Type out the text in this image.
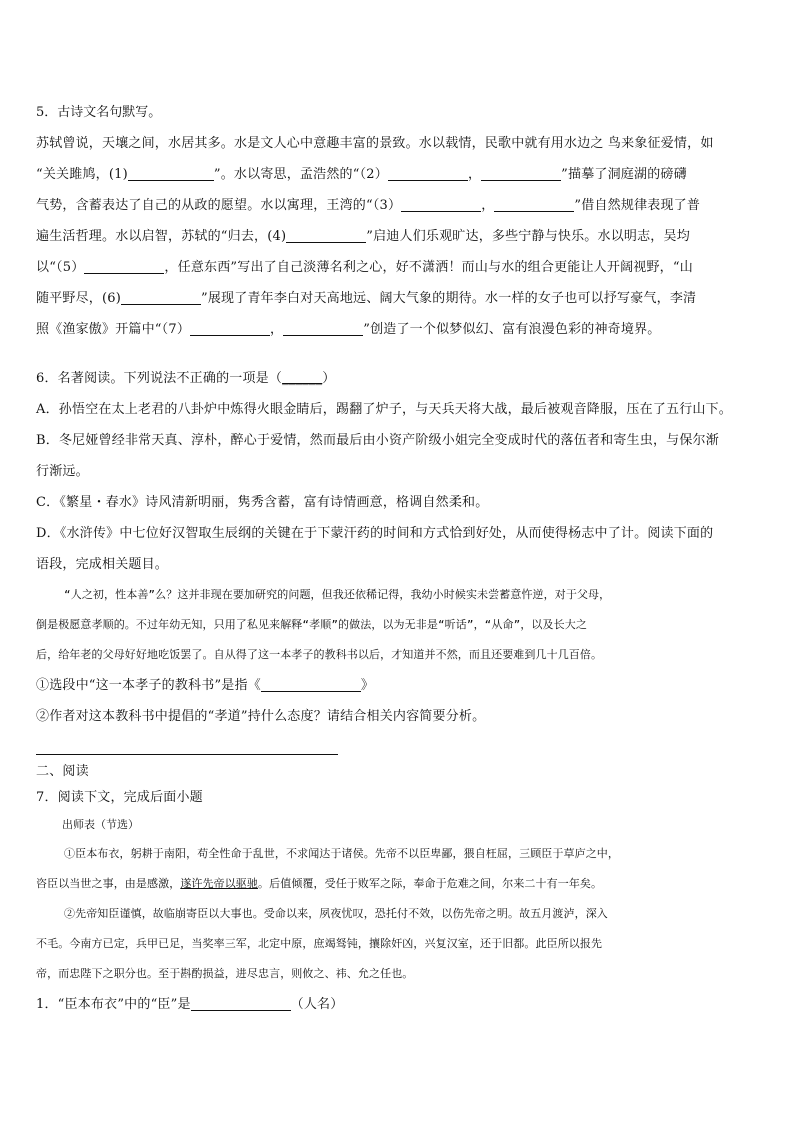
5．古诗文名句默写。
苏轼曾说，天壤之间，水居其多。水是文人心中意趣丰富的景致。水以载情，民歌中就有用水边之 鸟来象征爱情，如
“关关雎鸠，(1)	”。水以寄思，孟浩然的“（2）	，	”描摹了洞庭湖的磅礴
气势，含蓄表达了自己的从政的愿望。水以寓理，王湾的“（3）	，	”借自然规律表现了普
遍生活哲理。水以启智，苏轼的“归去，(4)	”启迪人们乐观旷达，多些宁静与快乐。水以明志，吴均
以“（5）	，任意东西”写出了自己淡薄名利之心，好不潇洒！而山与水的组合更能让人开阔视野，“山
随平野尽，(6)	”展现了青年李白对天高地远、阔大气象的期待。水一样的女子也可以抒写豪气，李清
照《渔家傲》开篇中“（7）	，	”创造了一个似梦似幻、富有浪漫色彩的神奇境界。
6．名著阅读。下列说法不正确的一项是（______）
A．孙悟空在太上老君的八卦炉中炼得火眼金睛后，踢翻了炉子，与天兵天将大战，最后被观音降服，压在了五行山下。
B．冬尼娅曾经非常天真、淳朴，醉心于爱情，然而最后由小资产阶级小姐完全变成时代的落伍者和寄生虫，与保尔渐
行渐远。
C．《繁星・春水》诗风清新明丽，隽秀含蓄，富有诗情画意，格调自然柔和。
D．《水浒传》中七位好汉智取生辰纲的关键在于下蒙汗药的时间和方式恰到好处，从而使得杨志中了计。阅读下面的
语段，完成相关题目。
“人之初，性本善”么？这并非现在要加研究的问题，但我还依稀记得，我幼小时候实未尝蓄意忤逆，对于父母，
倒是极愿意孝顺的。不过年幼无知，只用了私见来解释“孝顺”的做法，以为无非是“听话”，“从命”，以及长大之
后，给年老的父母好好地吃饭罢了。自从得了这一本孝子的教科书以后，才知道并不然，而且还要难到几十几百倍。
①选段中“这一本孝子的教科书”是指《	》
②作者对这本教科书中提倡的“孝道”持什么态度？请结合相关内容简要分析。
二、阅读
7．阅读下文，完成后面小题
出师表（节选）
①臣本布衣，躬耕于南阳，苟全性命于乱世，不求闻达于诸侯。先帝不以臣卑鄙，猥自枉屈，三顾臣于草庐之中，
咨臣以当世之事，由是感激，遂许先帝以驱驰。后值倾覆，受任于败军之际，奉命于危难之间，尔来二十有一年矣。
②先帝知臣谨慎，故临崩寄臣以大事也。受命以来，夙夜忧叹，恐托付不效，以伤先帝之明。故五月渡泸，深入
不毛。今南方已定，兵甲已足，当奖率三军，北定中原，庶竭驽钝，攘除奸凶，兴复汉室，还于旧都。此臣所以报先
帝，而忠陛下之职分也。至于斟酌损益，进尽忠言，则攸之、祎、允之任也。
1．“臣本布衣”中的“臣”是	（人名）
